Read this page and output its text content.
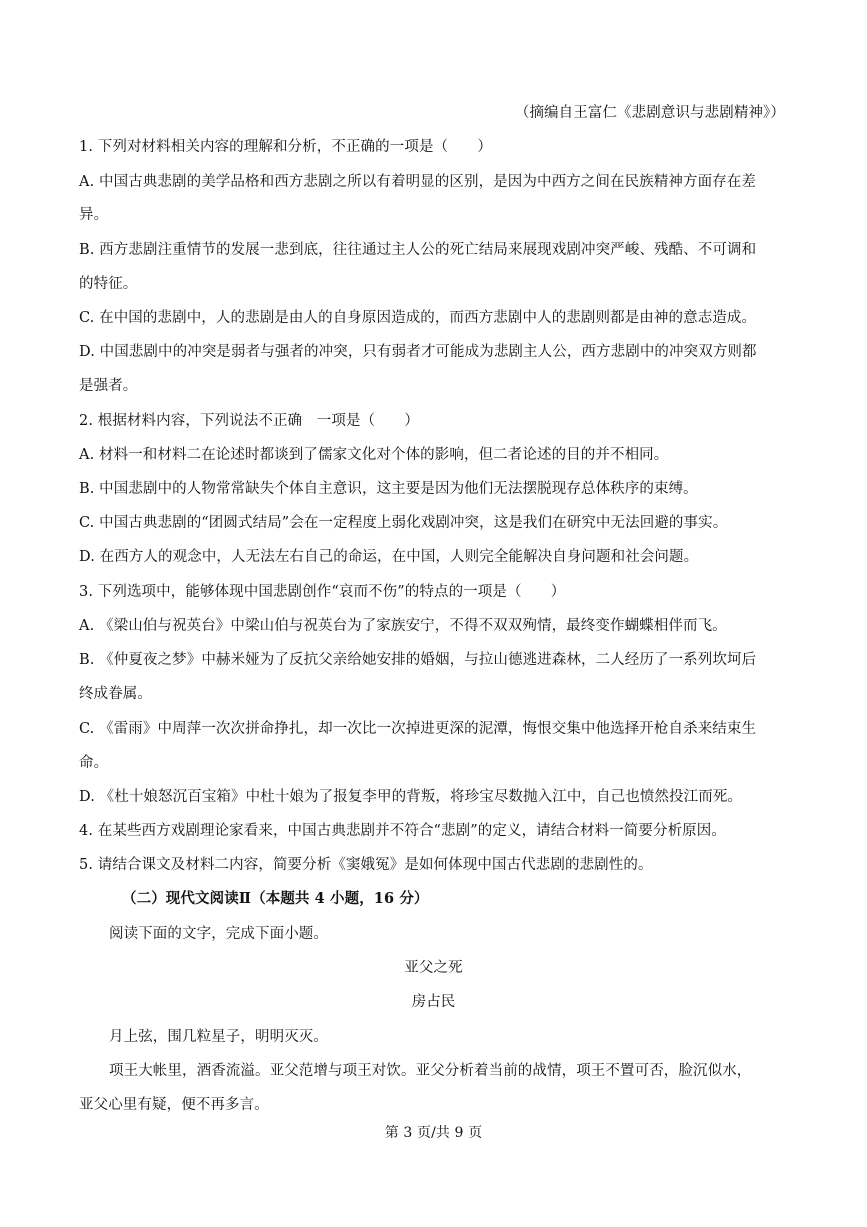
（摘编自王富仁《悲剧意识与悲剧精神》）
1. 下列对材料相关内容的理解和分析，不正确的一项是（　　）
A. 中国古典悲剧的美学品格和西方悲剧之所以有着明显的区别，是因为中西方之间在民族精神方面存在差
异。
B. 西方悲剧注重情节的发展一悲到底，往往通过主人公的死亡结局来展现戏剧冲突严峻、残酷、不可调和
的特征。
C. 在中国的悲剧中，人的悲剧是由人的自身原因造成的，而西方悲剧中人的悲剧则都是由神的意志造成。
D. 中国悲剧中的冲突是弱者与强者的冲突，只有弱者才可能成为悲剧主人公，西方悲剧中的冲突双方则都
是强者。
2. 根据材料内容，下列说法不正确　一项是（　　）
A. 材料一和材料二在论述时都谈到了儒家文化对个体的影响，但二者论述的目的并不相同。
B. 中国悲剧中的人物常常缺失个体自主意识，这主要是因为他们无法摆脱现存总体秩序的束缚。
C. 中国古典悲剧的“团圆式结局”会在一定程度上弱化戏剧冲突，这是我们在研究中无法回避的事实。
D. 在西方人的观念中，人无法左右自己的命运，在中国，人则完全能解决自身问题和社会问题。
3. 下列选项中，能够体现中国悲剧创作“哀而不伤”的特点的一项是（　　）
A. 《梁山伯与祝英台》中梁山伯与祝英台为了家族安宁，不得不双双殉情，最终变作蝴蝶相伴而飞。
B. 《仲夏夜之梦》中赫米娅为了反抗父亲给她安排的婚姻，与拉山德逃进森林，二人经历了一系列坎坷后
终成眷属。
C. 《雷雨》中周萍一次次拼命挣扎，却一次比一次掉进更深的泥潭，悔恨交集中他选择开枪自杀来结束生
命。
D. 《杜十娘怒沉百宝箱》中杜十娘为了报复李甲的背叛，将珍宝尽数抛入江中，自己也愤然投江而死。
4. 在某些西方戏剧理论家看来，中国古典悲剧并不符合“悲剧”的定义，请结合材料一简要分析原因。
5. 请结合课文及材料二内容，简要分析《窦娥冤》是如何体现中国古代悲剧的悲剧性的。
（二）现代文阅读Ⅱ（本题共 4 小题，16 分）
阅读下面的文字，完成下面小题。
亚父之死
房占民
月上弦，围几粒星子，明明灭灭。
项王大帐里，酒香流溢。亚父范增与项王对饮。亚父分析着当前的战情，项王不置可否，脸沉似水，
亚父心里有疑，便不再多言。
第 3 页/共 9 页
